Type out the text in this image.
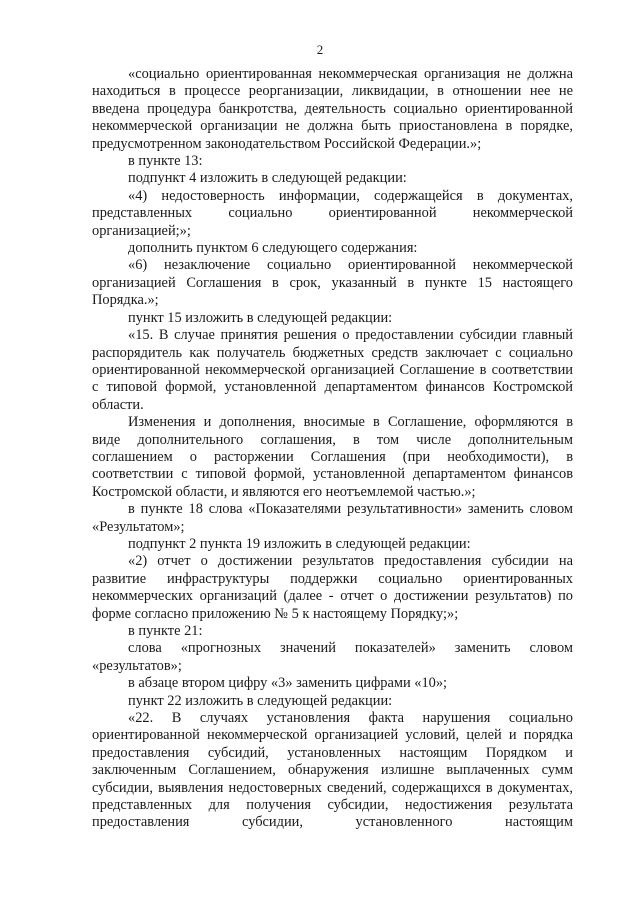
2

«социально ориентированная некоммерческая организация не должна находиться в процессе реорганизации, ликвидации, в отношении нее не введена процедура банкротства, деятельность социально ориентированной некоммерческой организации не должна быть приостановлена в порядке, предусмотренном законодательством Российской Федерации.»;

в пункте 13:

подпункт 4 изложить в следующей редакции:

«4) недостоверность информации, содержащейся в документах, представленных социально ориентированной некоммерческой организацией;»;

дополнить пунктом 6 следующего содержания:

«6) незаключение социально ориентированной некоммерческой организацией Соглашения в срок, указанный в пункте 15 настоящего Порядка.»;

пункт 15 изложить в следующей редакции:

«15. В случае принятия решения о предоставлении субсидии главный распорядитель как получатель бюджетных средств заключает с социально ориентированной некоммерческой организацией Соглашение в соответствии с типовой формой, установленной департаментом финансов Костромской области.

Изменения и дополнения, вносимые в Соглашение, оформляются в виде дополнительного соглашения, в том числе дополнительным соглашением о расторжении Соглашения (при необходимости), в соответствии с типовой формой, установленной департаментом финансов Костромской области, и являются его неотъемлемой частью.»;

в пункте 18 слова «Показателями результативности» заменить словом «Результатом»;

подпункт 2 пункта 19 изложить в следующей редакции:

«2) отчет о достижении результатов предоставления субсидии на развитие инфраструктуры поддержки социально ориентированных некоммерческих организаций (далее - отчет о достижении результатов) по форме согласно приложению № 5 к настоящему Порядку;»;

в пункте 21:

слова «прогнозных значений показателей» заменить словом «результатов»;

в абзаце втором цифру «3» заменить цифрами «10»;

пункт 22 изложить в следующей редакции:

«22. В случаях установления факта нарушения социально ориентированной некоммерческой организацией условий, целей и порядка предоставления субсидий, установленных настоящим Порядком и заключенным Соглашением, обнаружения излишне выплаченных сумм субсидии, выявления недостоверных сведений, содержащихся в документах, представленных для получения субсидии, недостижения результата предоставления субсидии, установленного настоящим
